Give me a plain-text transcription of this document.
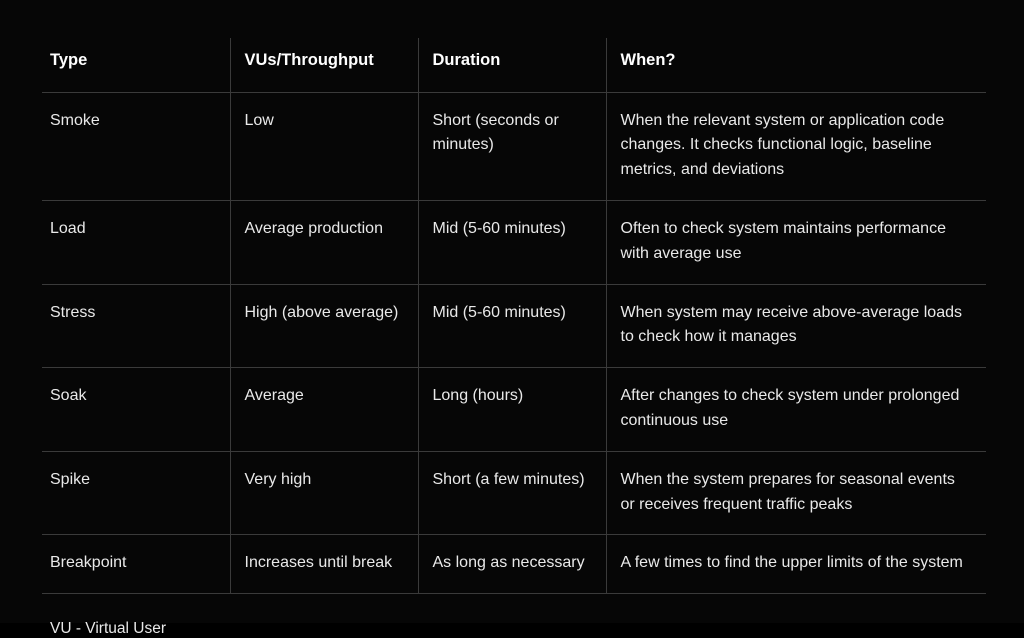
Type	VUs/Throughput	Duration	When?
Smoke	Low	Short (seconds or minutes)	When the relevant system or application code changes. It checks functional logic, baseline metrics, and deviations
Load	Average production	Mid (5-60 minutes)	Often to check system maintains performance with average use
Stress	High (above average)	Mid (5-60 minutes)	When system may receive above-average loads to check how it manages
Soak	Average	Long (hours)	After changes to check system under prolonged continuous use
Spike	Very high	Short (a few minutes)	When the system prepares for seasonal events or receives frequent traffic peaks
Breakpoint	Increases until break	As long as necessary	A few times to find the upper limits of the system
VU - Virtual User
